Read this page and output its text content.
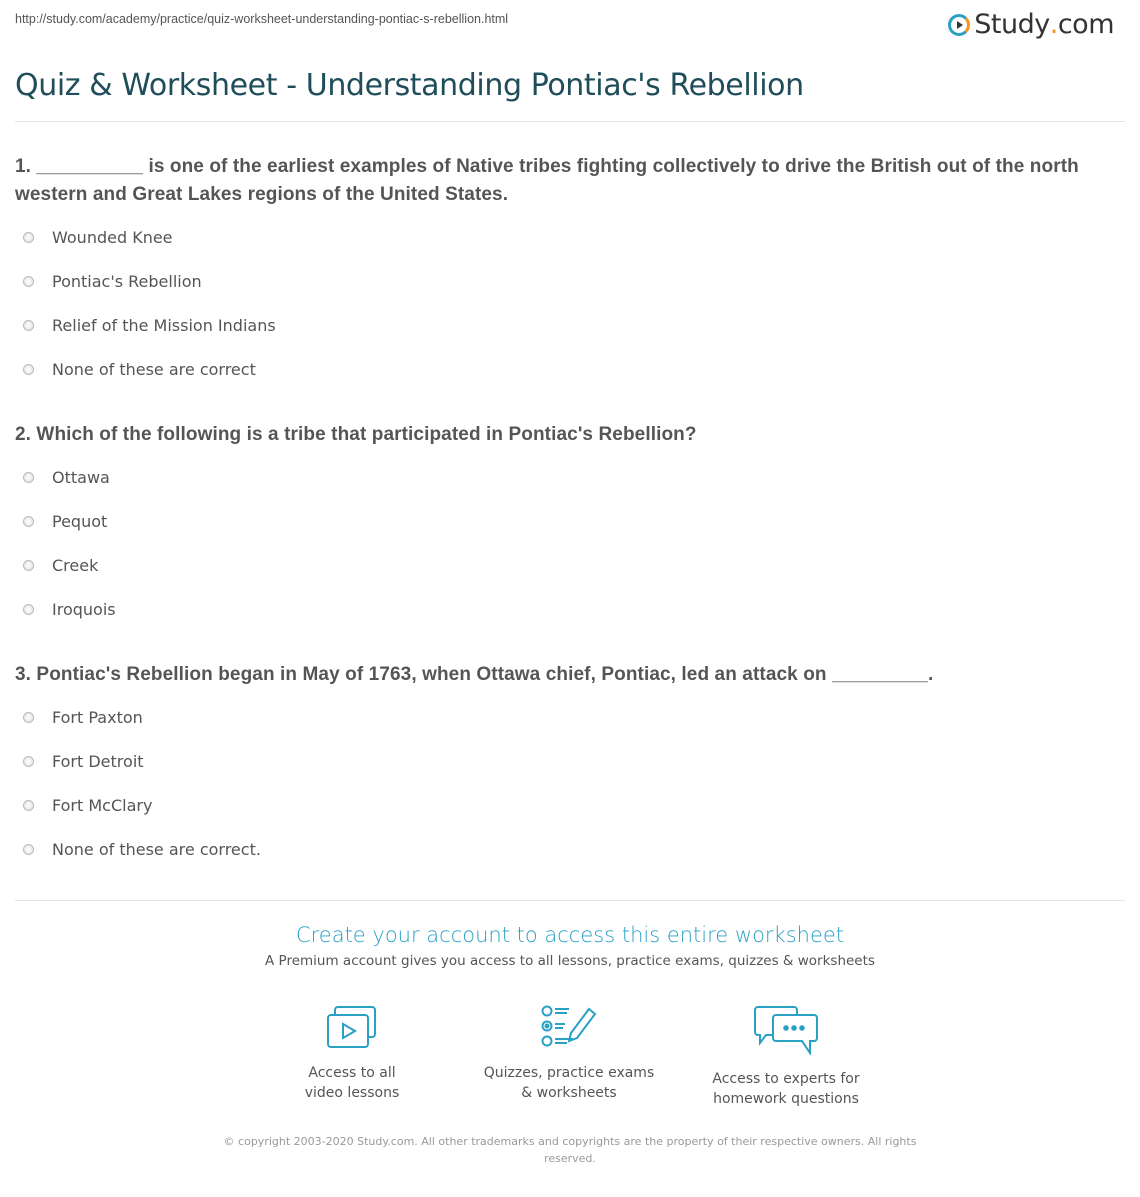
http://study.com/academy/practice/quiz-worksheet-understanding-pontiac-s-rebellion.html	Study . com
Quiz & Worksheet - Understanding Pontiac's Rebellion
1. __________ is one of the earliest examples of Native tribes fighting collectively to drive the British out of the north western and Great Lakes regions of the United States.
Wounded Knee
Pontiac's Rebellion
Relief of the Mission Indians
None of these are correct
2. Which of the following is a tribe that participated in Pontiac's Rebellion?
Ottawa
Pequot
Creek
Iroquois
3. Pontiac's Rebellion began in May of 1763, when Ottawa chief, Pontiac, led an attack on _________.
Fort Paxton
Fort Detroit
Fort McClary
None of these are correct.
Create your account to access this entire worksheet
A Premium account gives you access to all lessons, practice exams, quizzes & worksheets
Access to all
video lessons
Quizzes, practice exams
& worksheets
Access to experts for
homework questions
© copyright 2003-2020 Study.com. All other trademarks and copyrights are the property of their respective owners. All rights reserved.
